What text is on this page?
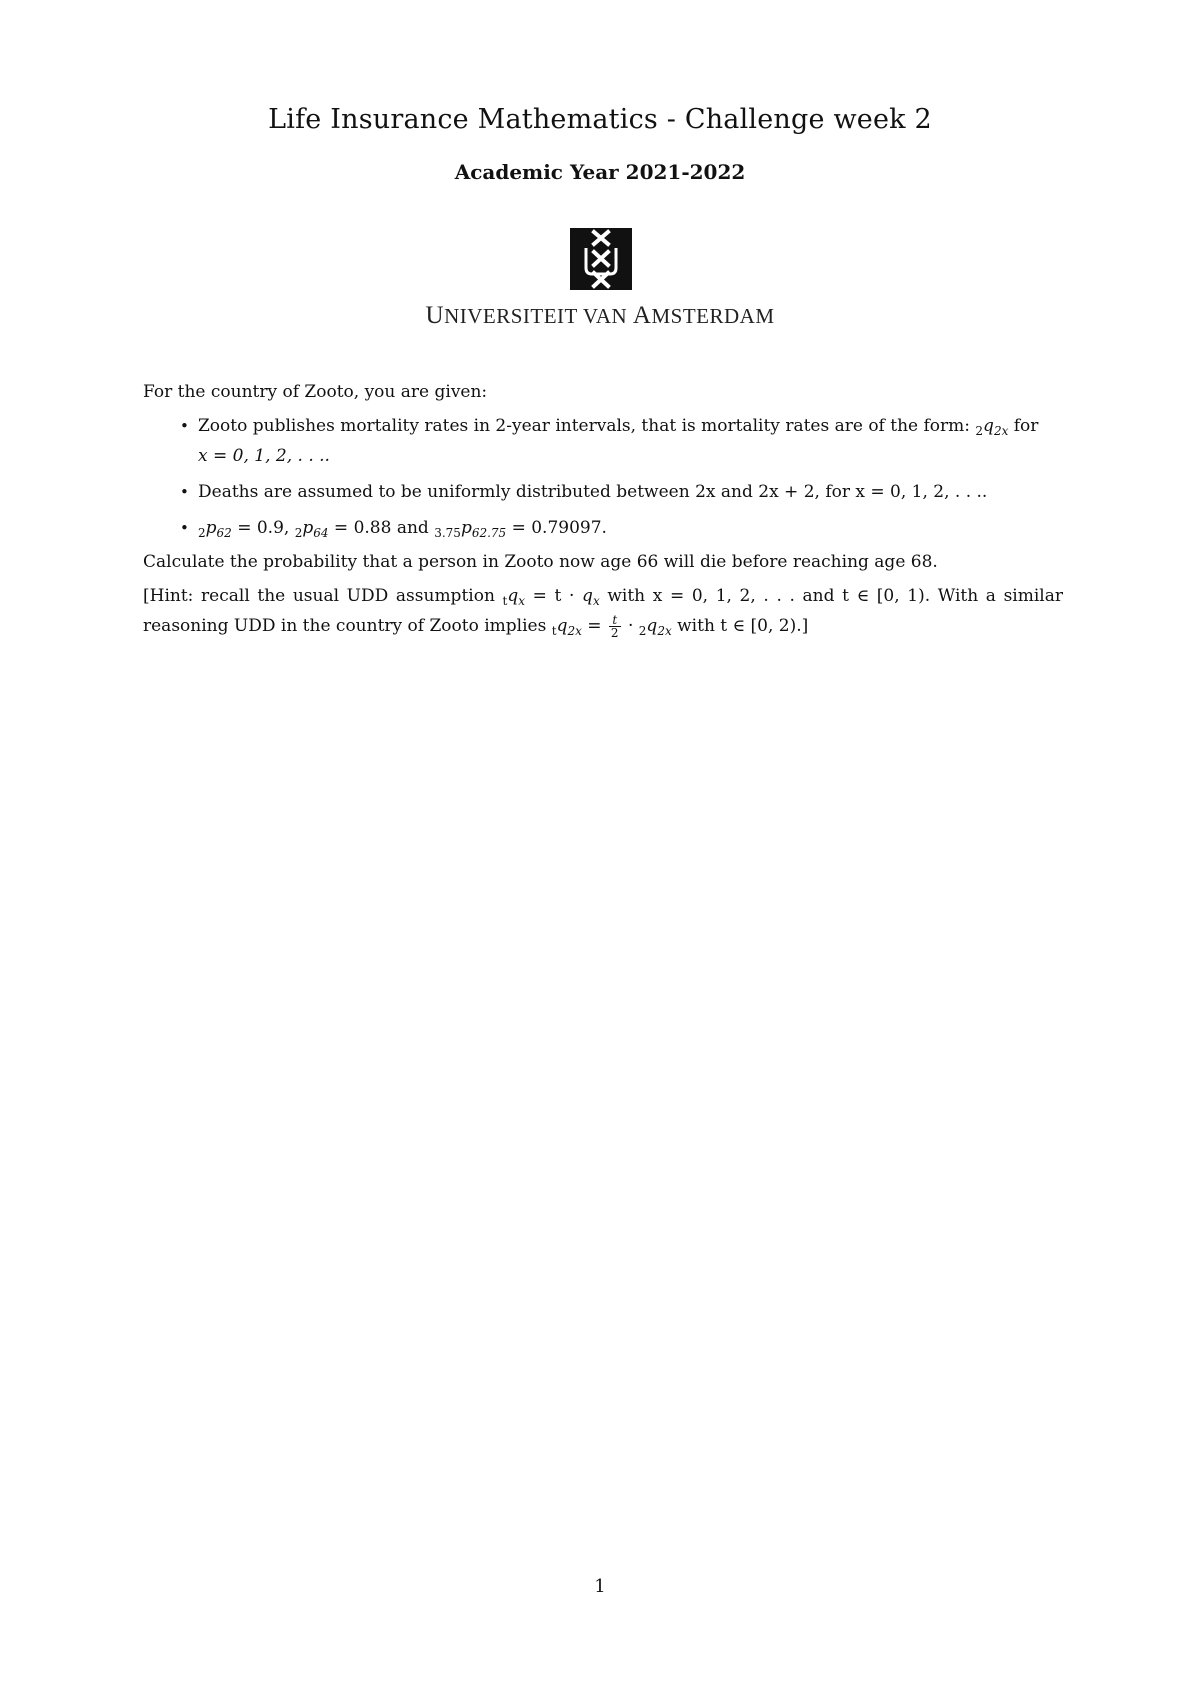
Life Insurance Mathematics - Challenge week 2
Academic Year 2021-2022
UNIVERSITEIT VAN AMSTERDAM
For the country of Zooto, you are given:
• Zooto publishes mortality rates in 2-year intervals, that is mortality rates are of the form: $_2q_{2x}$ for
x = 0, 1, 2, . . ..
• Deaths are assumed to be uniformly distributed between 2x and 2x + 2, for x = 0, 1, 2, . . ..
• $_2p_{62} = 0.9$, $_2p_{64} = 0.88$ and $_{3.75}p_{62.75} = 0.79097$.
Calculate the probability that a person in Zooto now age 66 will die before reaching age 68.
[Hint: recall the usual UDD assumption $_tq_x = t \cdot q_x$ with x = 0, 1, 2, . . . and t ∈ [0, 1). With a similar reasoning UDD in the country of Zooto implies $_tq_{2x} = \frac{t}{2} \cdot _2q_{2x}$ with t ∈ [0, 2).]
1
